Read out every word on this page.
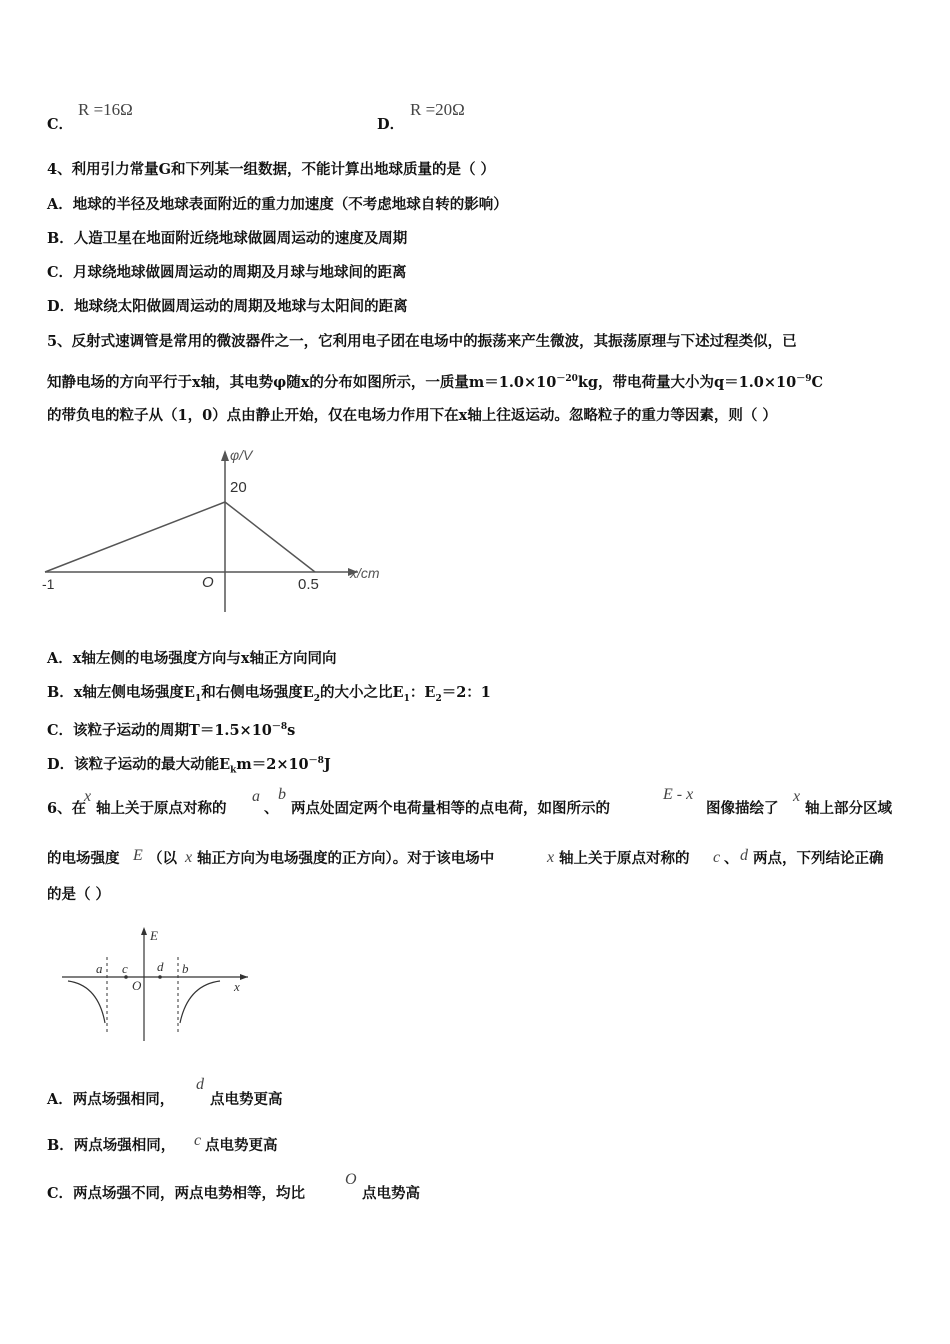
C．
R =16Ω
D．
R =20Ω
4、利用引力常量G和下列某一组数据，不能计算出地球质量的是（ ）
A．地球的半径及地球表面附近的重力加速度（不考虑地球自转的影响）
B．人造卫星在地面附近绕地球做圆周运动的速度及周期
C．月球绕地球做圆周运动的周期及月球与地球间的距离
D．地球绕太阳做圆周运动的周期及地球与太阳间的距离
5、反射式速调管是常用的微波器件之一，它利用电子团在电场中的振荡来产生微波，其振荡原理与下述过程类似，已
知静电场的方向平行于x轴，其电势φ随x的分布如图所示，一质量$m=1.0\times 10^{-20}kg$，带电荷量大小为$q=1.0\times 10^{-9}C$
的带负电的粒子从（1，0）点由静止开始，仅在电场力作用下在x轴上往返运动。忽略粒子的重力等因素，则（ ）
φ/V
20
O
-1	0.5
x/cm
A．x轴左侧的电场强度方向与x轴正方向同向
B．x轴左侧电场强度$E_1$和右侧电场强度$E_2$的大小之比$E_1$：$E_2=2$：1
C．该粒子运动的周期$T=1.5\times 10^{-8}s$
D．该粒子运动的最大动能$E_km=2\times 10^{-8}J$
6、在
x
轴上关于原点对称的
a
、
b
两点处固定两个电荷量相等的点电荷，如图所示的
E - x
图像描绘了
x
轴上部分区域
的电场强度 E （以 x 轴正方向为电场强度的正方向）。对于该电场中	x 轴上关于原点对称的 c 、 d 两点，下列结论正确
的是（ ）
E
x
a c
O
d b
A．两点场强相同，
d
点电势更高
B．两点场强相同， c 点电势更高
C．两点场强不同，两点电势相等，均比
O
点电势高
